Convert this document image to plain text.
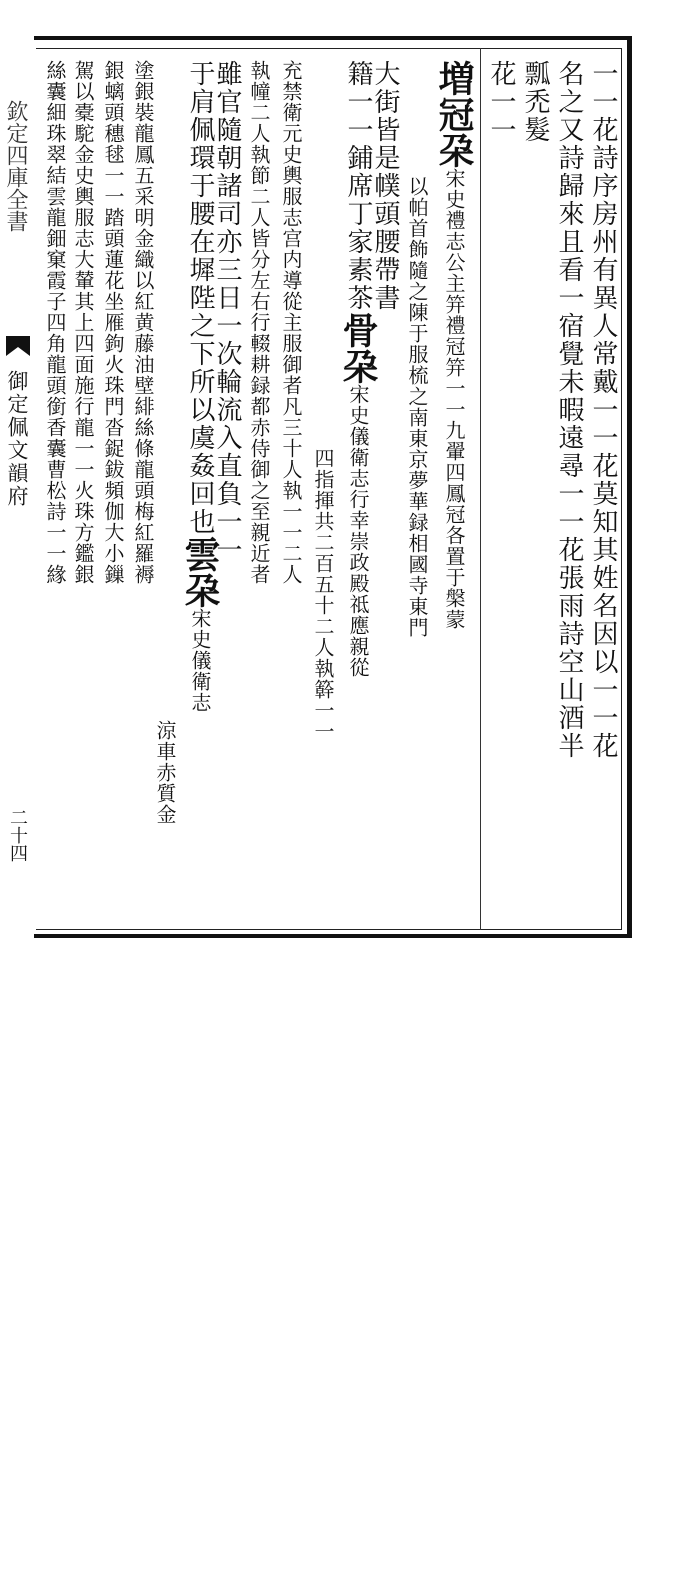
欽定四庫全書
御定佩文韻府
二十四
一一花詩序房州有異人常戴一一花莫知其姓名因以一一花
名之又詩歸來且看一宿覺未暇遠尋一一花張雨詩空山酒半
瓢禿髮
花一一
増冠朶宋史禮志公主笄禮冠笄一一九翬四鳳冠各置于槃蒙
以帕首飾隨之陳于服梳之南東京夢華録相國寺東門
大街皆是幞頭腰帶書
籍一一鋪席丁家素茶骨朶宋史儀衛志行幸崇政殿祗應親從
四指揮共二百五十二人執簳一一
充禁衛元史輿服志宫内導從主服御者凡三十人執一一二人
執幢二人執節二人皆分左右行輟耕録都赤侍御之至親近者
雖官隨朝諸司亦三日一次輪流入直負一一
于肩佩環于腰在墀陛之下所以虞姦回也雲朶宋史儀衛志
涼車赤質金
塗銀裝龍鳳五采明金織以紅黄藤油壁緋絲條龍頭梅紅羅褥
銀螭頭穗毬一一踏頭蓮花坐雁鉤火珠門沓鋜鈸頻伽大小鏁
駕以橐駝金史輿服志大輦其上四面施行龍一一火珠方鑑銀
絲囊細珠翠結雲龍鈿窠霞子四角龍頭銜香囊曹松詩一一緣
